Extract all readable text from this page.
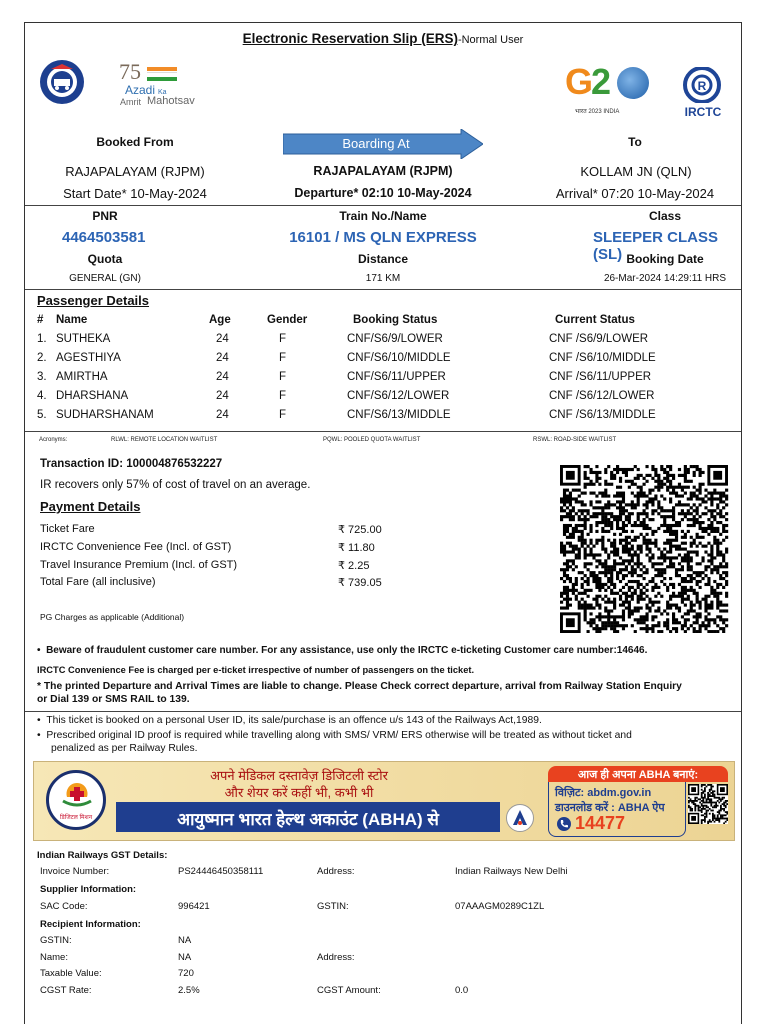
Electronic Reservation Slip (ERS)-Normal User
75
Azadi Ka
Amrit Mahotsav	G2
भारत 2023 INDIA
R
IRCTC
Booked From	Boarding At	To
RAJAPALAYAM (RJPM)	RAJAPALAYAM (RJPM)	KOLLAM JN (QLN)
Start Date* 10-May-2024	Departure* 02:10 10-May-2024	Arrival* 07:20 10-May-2024
PNR	Train No./Name	Class
4464503581	16101 / MS QLN EXPRESS	SLEEPER CLASS (SL)
Quota	Distance	Booking Date
GENERAL (GN)	171 KM	26-Mar-2024 14:29:11 HRS
Passenger Details
# Name	Age	Gender	Booking Status	Current Status
1. SUTHEKA	24	F	CNF/S6/9/LOWER	CNF /S6/9/LOWER
2. AGESTHIYA	24	F	CNF/S6/10/MIDDLE	CNF /S6/10/MIDDLE
3. AMIRTHA	24	F	CNF/S6/11/UPPER	CNF /S6/11/UPPER
4. DHARSHANA	24	F	CNF/S6/12/LOWER	CNF /S6/12/LOWER
5. SUDHARSHANAM	24	F	CNF/S6/13/MIDDLE	CNF /S6/13/MIDDLE
Acronyms:	RLWL: REMOTE LOCATION WAITLIST	PQWL: POOLED QUOTA WAITLIST	RSWL: ROAD-SIDE WAITLIST
Transaction ID: 100004876532227
IR recovers only 57% of cost of travel on an average.
Payment Details
Ticket Fare	₹ 725.00
IRCTC Convenience Fee (Incl. of GST)	₹ 11.80
Travel Insurance Premium (Incl. of GST)	₹ 2.25
Total Fare (all inclusive)	₹ 739.05
PG Charges as applicable (Additional)
•  Beware of fraudulent customer care number. For any assistance, use only the IRCTC e-ticketing Customer care number:14646.
IRCTC Convenience Fee is charged per e-ticket irrespective of number of passengers on the ticket.
* The printed Departure and Arrival Times are liable to change. Please Check correct departure, arrival from Railway Station Enquiry
or Dial 139 or SMS RAIL to 139.
•  This ticket is booked on a personal User ID, its sale/purchase is an offence u/s 143 of the Railways Act,1989.
•  Prescribed original ID proof is required while travelling along with SMS/ VRM/ ERS otherwise will be treated as without ticket and
penalized as per Railway Rules.
डिजिटल मिशन
अपने मेडिकल दस्तावेज़ डिजिटली स्टोर
और शेयर करें कहीं भी, कभी भी
आयुष्मान भारत हेल्थ अकाउंट (ABHA) से
आज ही अपना ABHA बनाएं:
विज़िट: abdm.gov.in
डाउनलोड करें : ABHA ऐप
14477
Indian Railways GST Details:
Invoice Number:	PS24446450358111	Address:	Indian Railways New Delhi
Supplier Information:
SAC Code:	996421	GSTIN:	07AAAGM0289C1ZL
Recipient Information:
GSTIN:	NA
Name:	NA	Address:
Taxable Value:	720
CGST Rate:	2.5%	CGST Amount:	0.0
